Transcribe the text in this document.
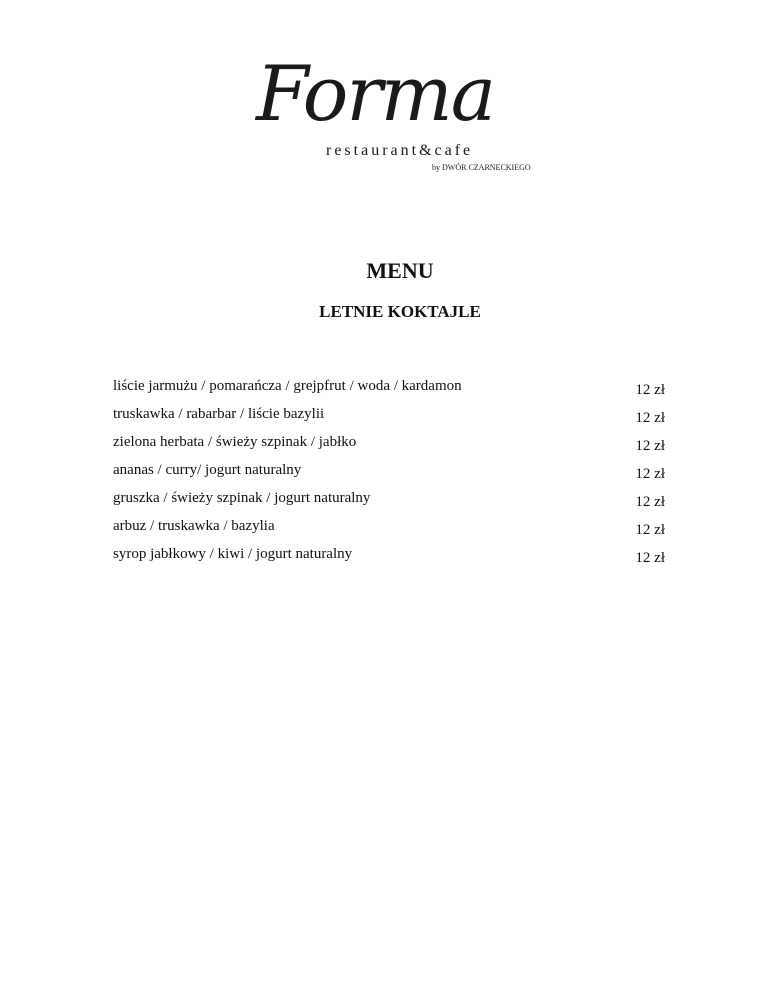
Forma
restaurant&cafe
by DWÓR CZARNECKIEGO
MENU
LETNIE KOKTAJLE
liście jarmużu / pomarańcza / grejpfrut / woda / kardamon	12 zł
truskawka / rabarbar / liście bazylii	12 zł
zielona herbata / świeży szpinak / jabłko	12 zł
ananas / curry/ jogurt naturalny	12 zł
gruszka / świeży szpinak / jogurt naturalny	12 zł
arbuz / truskawka / bazylia	12 zł
syrop jabłkowy / kiwi / jogurt naturalny	12 zł
